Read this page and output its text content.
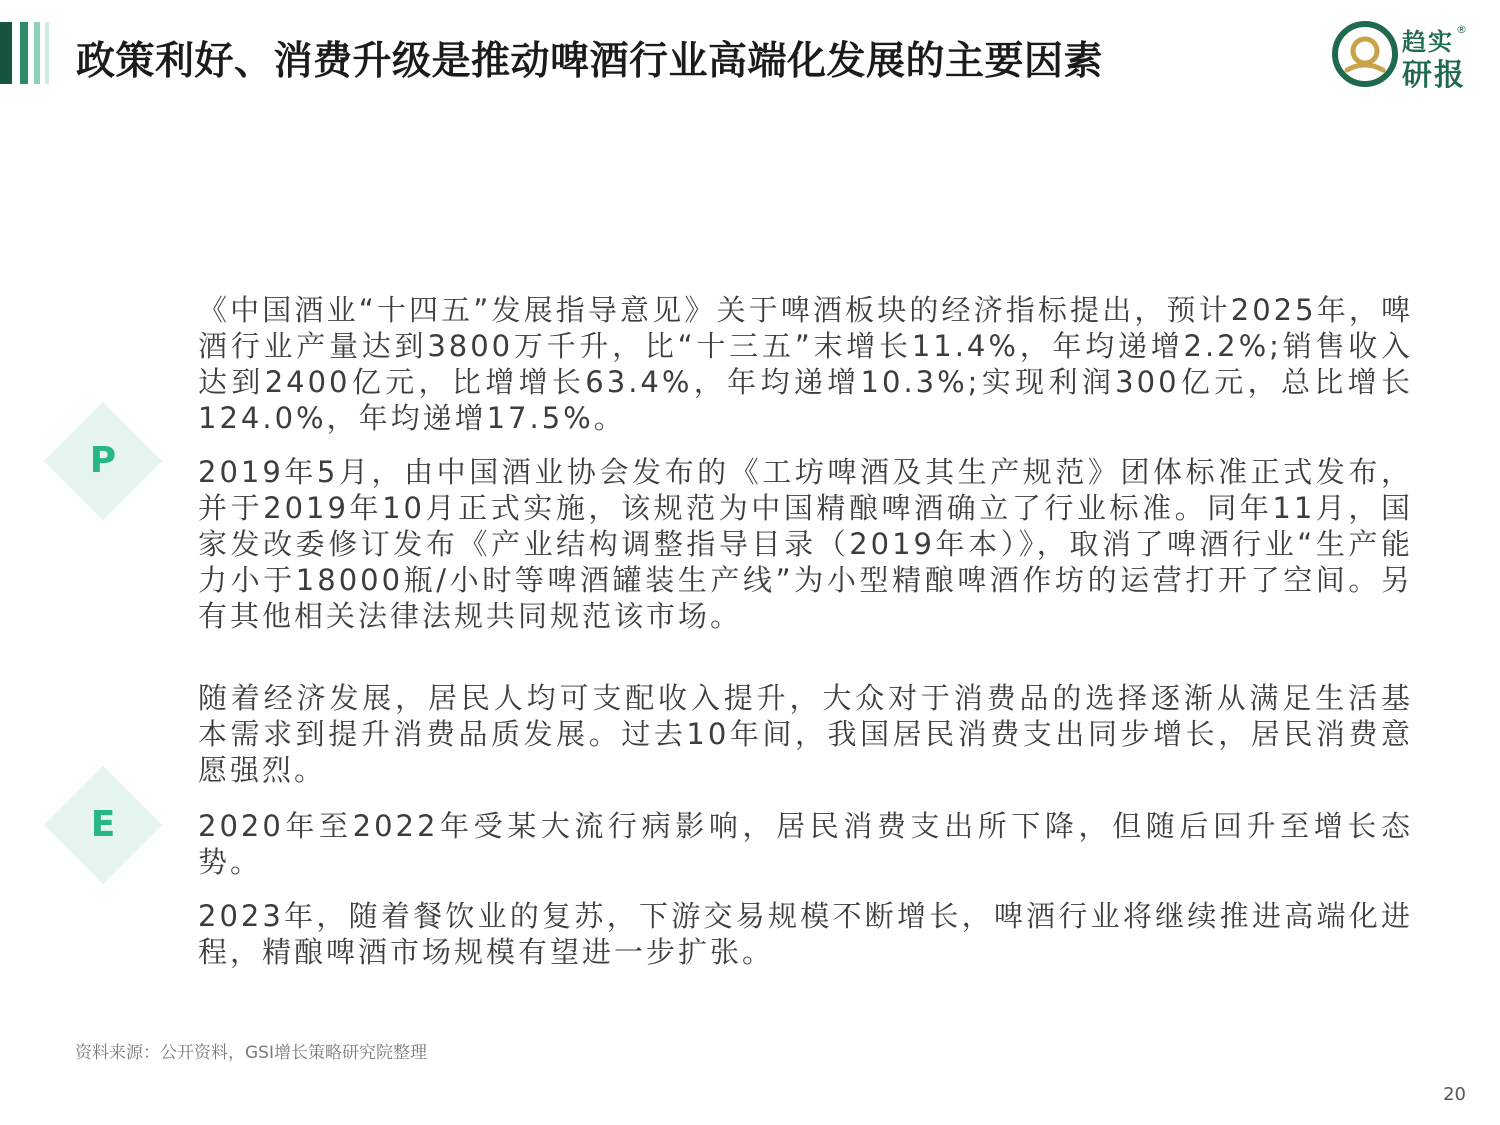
政策利好、消费升级是推动啤酒行业高端化发展的主要因素	趋实 ®
研报
P

《中国酒业“十四五”发展指导意见》关于啤酒板块的经济指标提出，预计2025年，啤酒行业产量达到3800万千升，比“十三五”末增长11.4%，年均递增2.2%;销售收入达到2400亿元，比增增长63.4%，年均递增10.3%;实现利润300亿元，总比增长124.0%，年均递增17.5%。

2019年5月，由中国酒业协会发布的《工坊啤酒及其生产规范》团体标准正式发布，并于2019年10月正式实施，该规范为中国精酿啤酒确立了行业标准。同年11月，国家发改委修订发布《产业结构调整指导目录（2019年本）》，取消了啤酒行业“生产能力小于18000瓶/小时等啤酒罐装生产线”为小型精酿啤酒作坊的运营打开了空间。另有其他相关法律法规共同规范该市场。

E

随着经济发展，居民人均可支配收入提升，大众对于消费品的选择逐渐从满足生活基本需求到提升消费品质发展。过去10年间，我国居民消费支出同步增长，居民消费意愿强烈。

2020年至2022年受某大流行病影响，居民消费支出所下降，但随后回升至增长态势。

2023年，随着餐饮业的复苏，下游交易规模不断增长，啤酒行业将继续推进高端化进程，精酿啤酒市场规模有望进一步扩张。

资料来源：公开资料，GSI增长策略研究院整理
20
